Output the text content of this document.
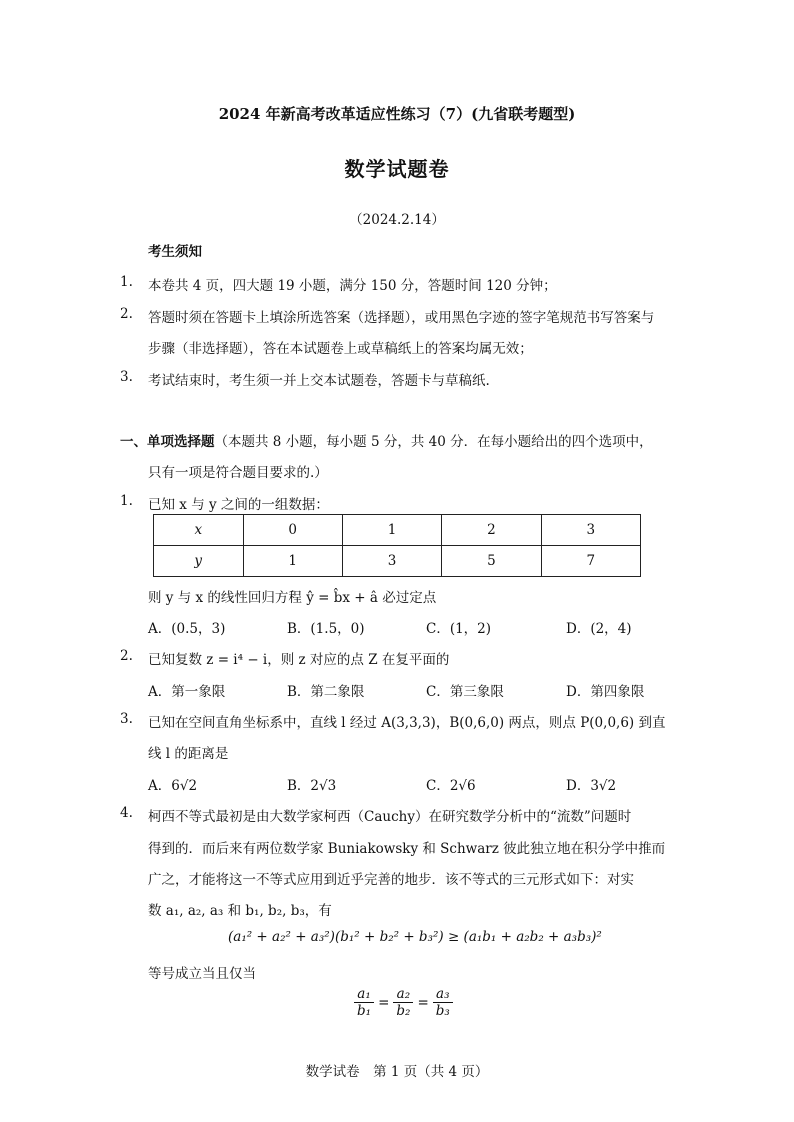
2024 年新高考改革适应性练习（7）(九省联考题型)
数学试题卷
（2024.2.14）
考生须知
1. 本卷共 4 页，四大题 19 小题，满分 150 分，答题时间 120 分钟；
2. 答题时须在答题卡上填涂所选答案（选择题），或用黑色字迹的签字笔规范书写答案与
步骤（非选择题），答在本试题卷上或草稿纸上的答案均属无效；
3. 考试结束时，考生须一并上交本试题卷，答题卡与草稿纸.
一、单项选择题（本题共 8 小题，每小题 5 分，共 40 分．在每小题给出的四个选项中，
只有一项是符合题目要求的.）
1. 已知 x 与 y 之间的一组数据：
x	0	1	2	3
y	1	3	5	7
则 y 与 x 的线性回归方程 ŷ = b̂x + â 必过定点
A．(0.5，3)	B．(1.5，0)	C．(1，2)	D．(2，4)
2. 已知复数 z = i⁴ − i，则 z 对应的点 Z 在复平面的
A．第一象限	B．第二象限	C．第三象限	D．第四象限
3. 已知在空间直角坐标系中，直线 l 经过 A(3,3,3)，B(0,6,0) 两点，则点 P(0,0,6) 到直
线 l 的距离是
A．6√2	B．2√3	C．2√6	D．3√2
4. 柯西不等式最初是由大数学家柯西（Cauchy）在研究数学分析中的“流数”问题时
得到的．而后来有两位数学家 Buniakowsky 和 Schwarz 彼此独立地在积分学中推而
广之，才能将这一不等式应用到近乎完善的地步．该不等式的三元形式如下：对实
数 a₁, a₂, a₃ 和 b₁, b₂, b₃，有
(a₁² + a₂² + a₃²)(b₁² + b₂² + b₃²) ≥ (a₁b₁ + a₂b₂ + a₃b₃)²
等号成立当且仅当
$\frac{\text{a₁}}{\text{b₁}} = \frac{\text{a₂}}{\text{b₂}} = \frac{\text{a₃}}{\text{b₃}}$
数学试卷　第 1 页（共 4 页）
